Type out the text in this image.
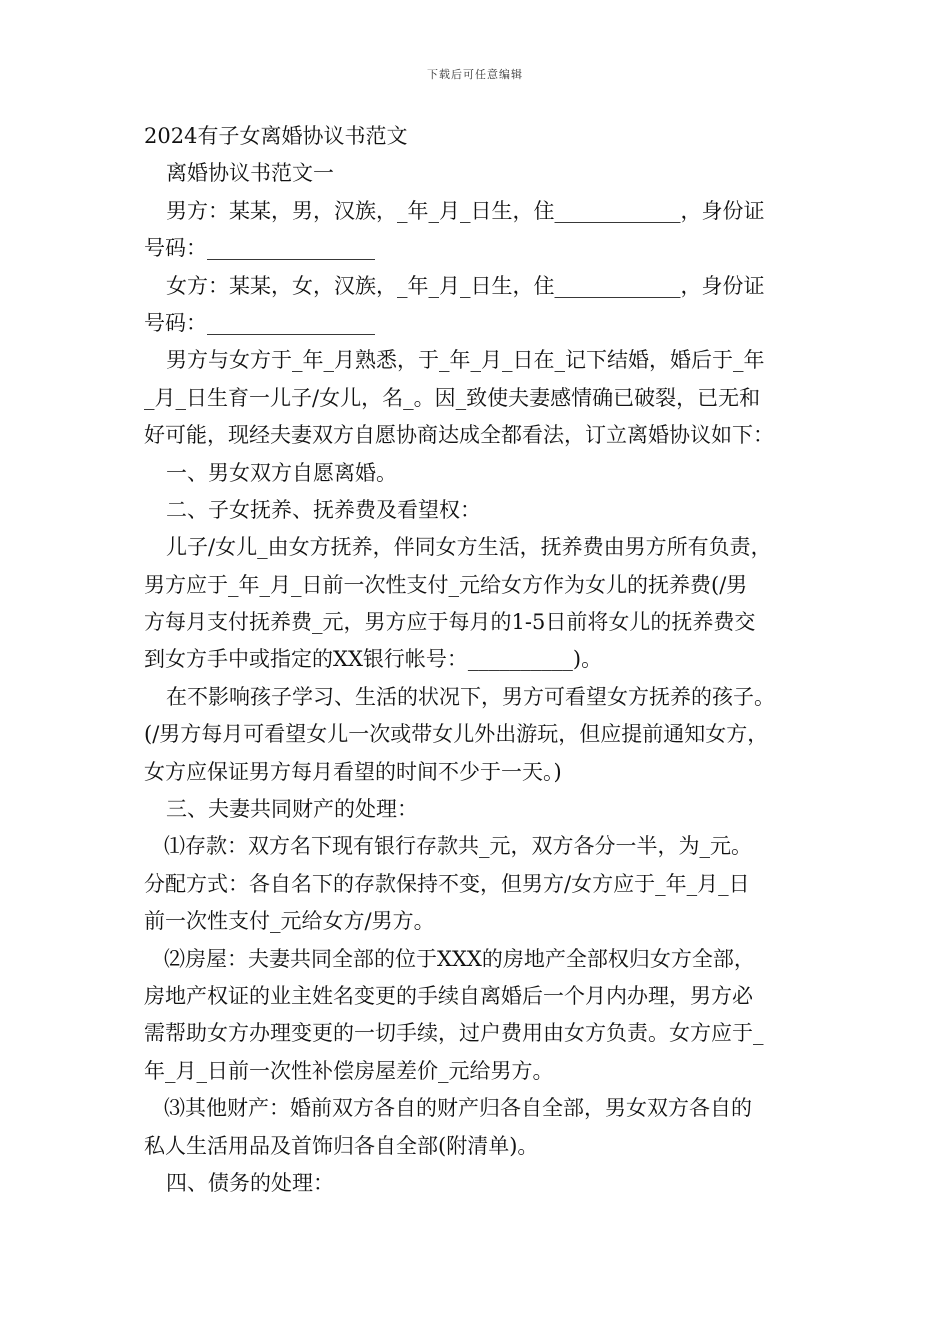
下载后可任意编辑
2024有子女离婚协议书范文
离婚协议书范文一
男方：某某，男，汉族，_年_月_日生，住____________，身份证
号码：________________
女方：某某，女，汉族，_年_月_日生，住____________，身份证
号码：________________
男方与女方于_年_月熟悉，于_年_月_日在_记下结婚，婚后于_年
_月_日生育一儿子/女儿，名_。因_致使夫妻感情确已破裂，已无和
好可能，现经夫妻双方自愿协商达成全都看法，订立离婚协议如下：
一、男女双方自愿离婚。
二、子女抚养、抚养费及看望权：
儿子/女儿_由女方抚养，伴同女方生活，抚养费由男方所有负责，
男方应于_年_月_日前一次性支付_元给女方作为女儿的抚养费(/男
方每月支付抚养费_元，男方应于每月的1-5日前将女儿的抚养费交
到女方手中或指定的XX银行帐号：__________)。
在不影响孩子学习、生活的状况下，男方可看望女方抚养的孩子。
(/男方每月可看望女儿一次或带女儿外出游玩，但应提前通知女方，
女方应保证男方每月看望的时间不少于一天。)
三、夫妻共同财产的处理：
⑴存款：双方名下现有银行存款共_元，双方各分一半，为_元。
分配方式：各自名下的存款保持不变，但男方/女方应于_年_月_日
前一次性支付_元给女方/男方。
⑵房屋：夫妻共同全部的位于XXX的房地产全部权归女方全部，
房地产权证的业主姓名变更的手续自离婚后一个月内办理，男方必
需帮助女方办理变更的一切手续，过户费用由女方负责。女方应于_
年_月_日前一次性补偿房屋差价_元给男方。
⑶其他财产：婚前双方各自的财产归各自全部，男女双方各自的
私人生活用品及首饰归各自全部(附清单)。
四、债务的处理：
